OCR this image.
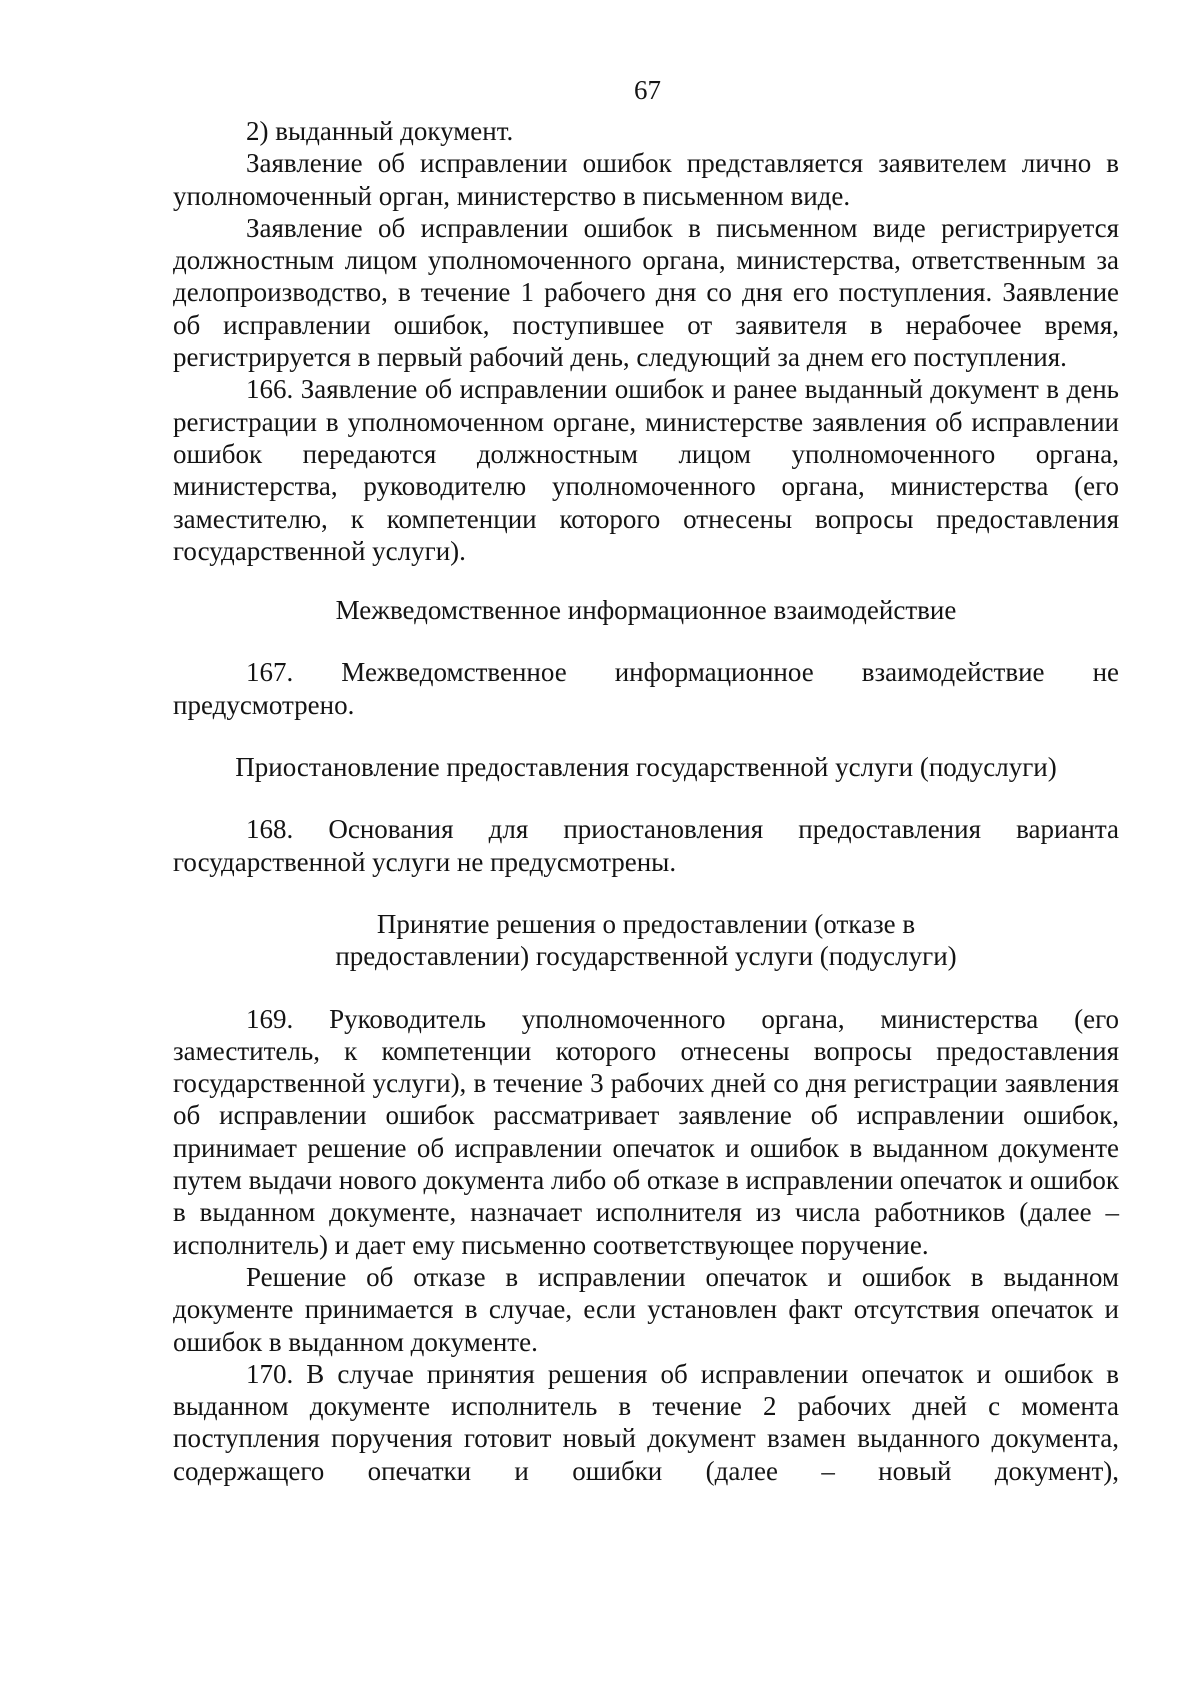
67

2) выданный документ.

Заявление об исправлении ошибок представляется заявителем лично в уполномоченный орган, министерство в письменном виде.

Заявление об исправлении ошибок в письменном виде регистрируется должностным лицом уполномоченного органа, министерства, ответственным за делопроизводство, в течение 1 рабочего дня со дня его поступления. Заявление об исправлении ошибок, поступившее от заявителя в нерабочее время, регистрируется в первый рабочий день, следующий за днем его поступления.

166. Заявление об исправлении ошибок и ранее выданный документ в день регистрации в уполномоченном органе, министерстве заявления об исправлении ошибок передаются должностным лицом уполномоченного органа, министерства, руководителю уполномоченного органа, министерства (его заместителю, к компетенции которого отнесены вопросы предоставления государственной услуги).

Межведомственное информационное взаимодействие

167. Межведомственное информационное взаимодействие не предусмотрено.

Приостановление предоставления государственной услуги (подуслуги)

168. Основания для приостановления предоставления варианта государственной услуги не предусмотрены.

Принятие решения о предоставлении (отказе в предоставлении) государственной услуги (подуслуги)

169. Руководитель уполномоченного органа, министерства (его заместитель, к компетенции которого отнесены вопросы предоставления государственной услуги), в течение 3 рабочих дней со дня регистрации заявления об исправлении ошибок рассматривает заявление об исправлении ошибок, принимает решение об исправлении опечаток и ошибок в выданном документе путем выдачи нового документа либо об отказе в исправлении опечаток и ошибок в выданном документе, назначает исполнителя из числа работников (далее – исполнитель) и дает ему письменно соответствующее поручение.

Решение об отказе в исправлении опечаток и ошибок в выданном документе принимается в случае, если установлен факт отсутствия опечаток и ошибок в выданном документе.

170. В случае принятия решения об исправлении опечаток и ошибок в выданном документе исполнитель в течение 2 рабочих дней с момента поступления поручения готовит новый документ взамен выданного документа, содержащего опечатки и ошибки (далее – новый документ),
